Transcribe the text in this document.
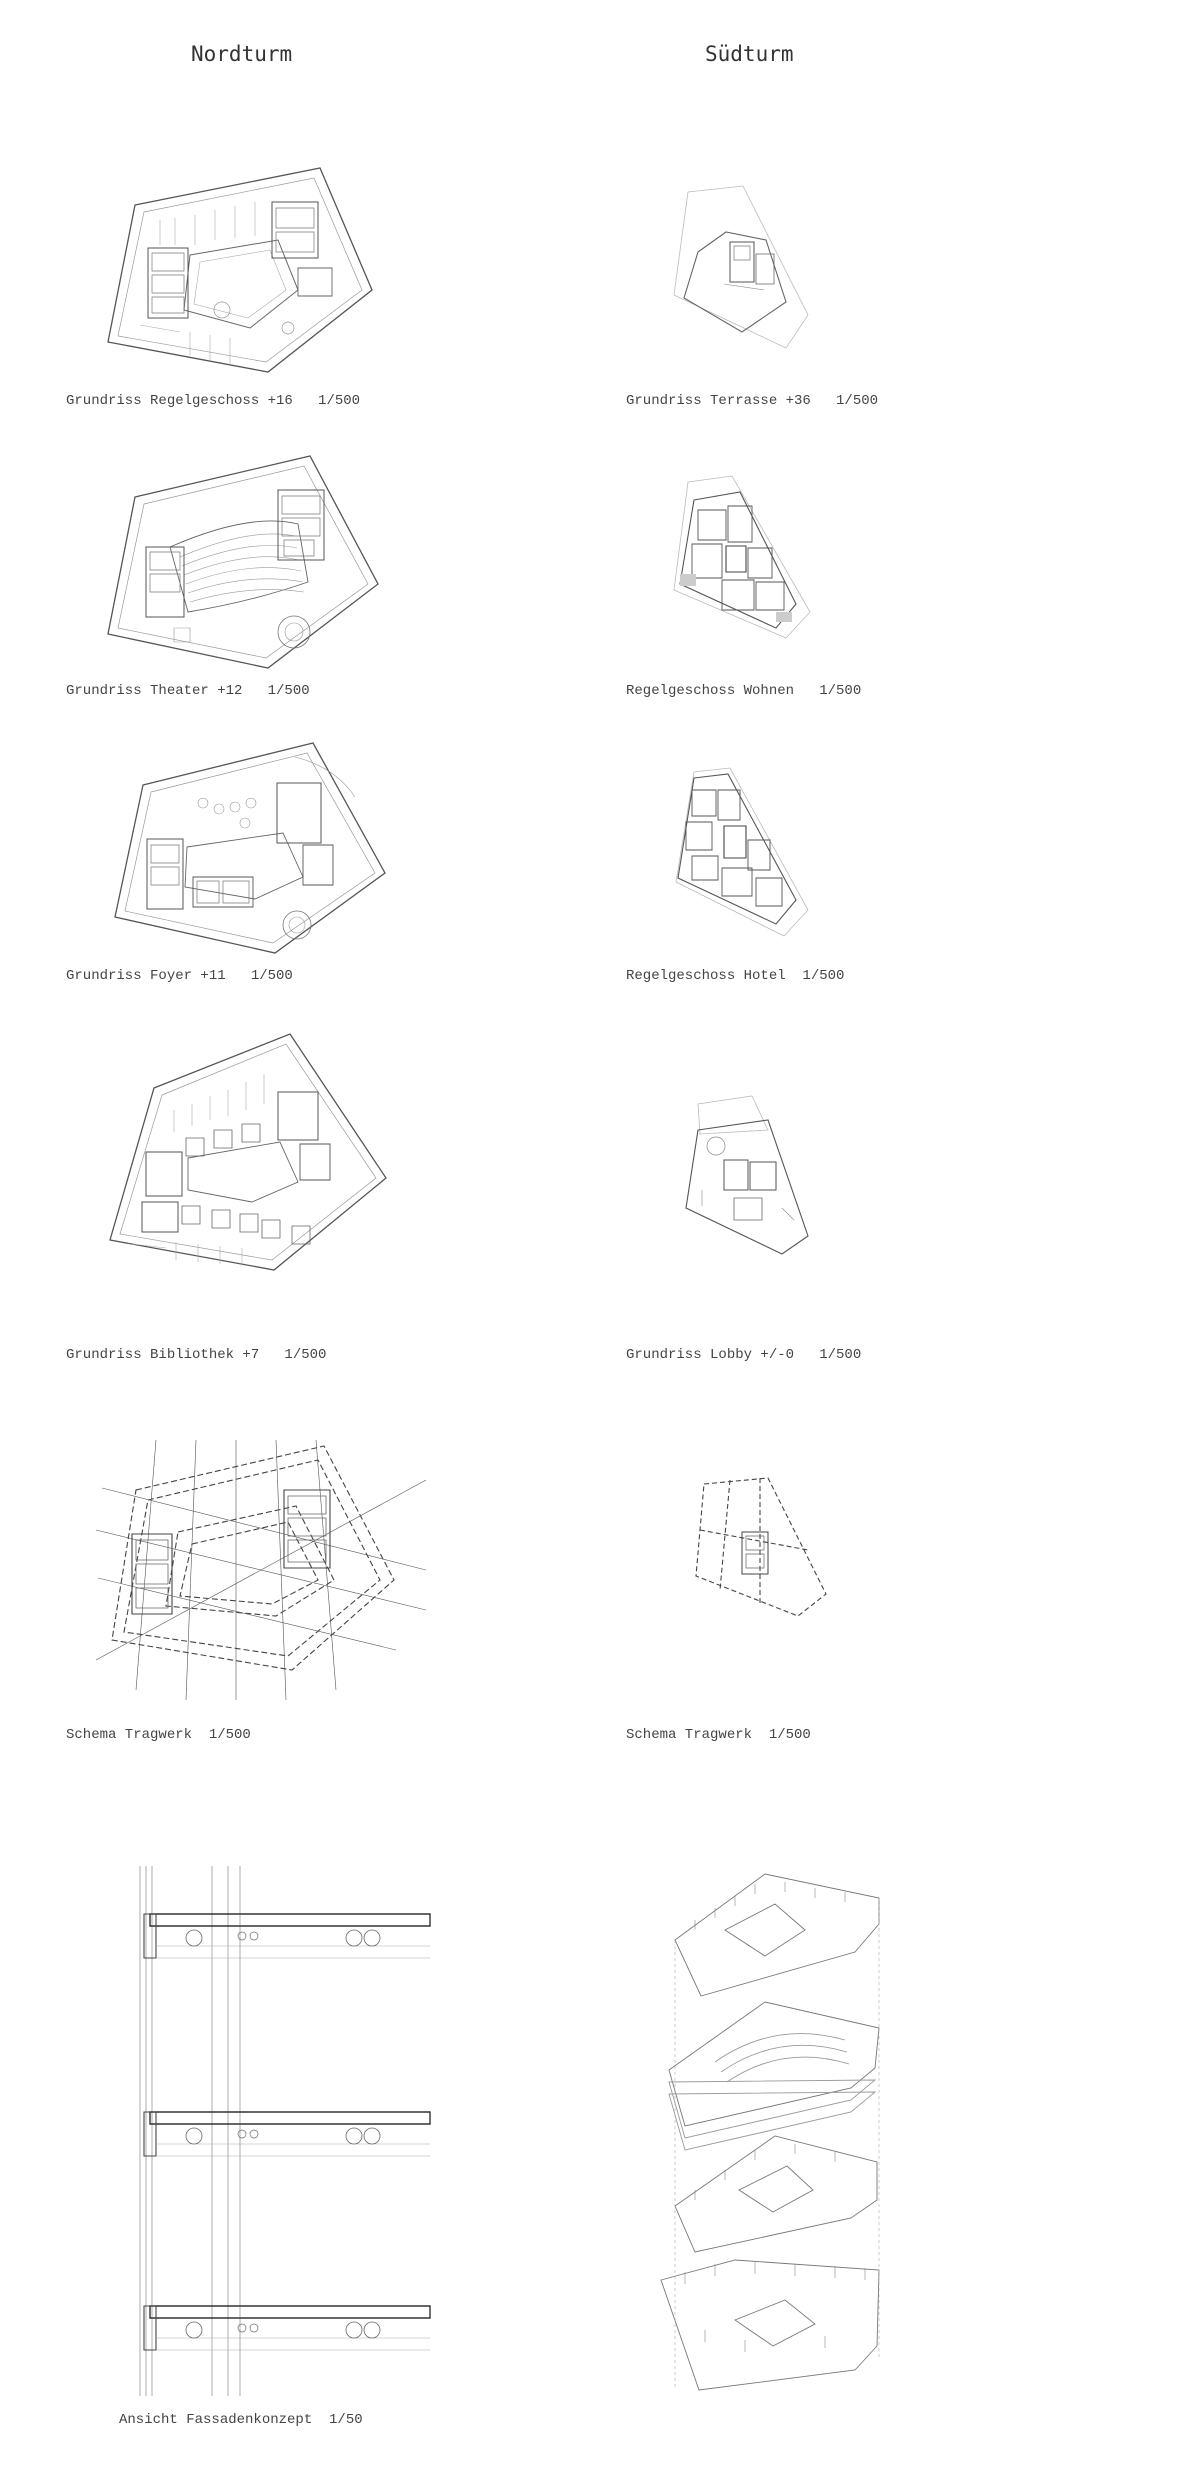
Nordturm	Südturm
Grundriss Regelgeschoss +16   1/500	Grundriss Terrasse +36   1/500
Grundriss Theater +12   1/500	Regelgeschoss Wohnen   1/500
Grundriss Foyer +11   1/500	Regelgeschoss Hotel  1/500
Grundriss Bibliothek +7   1/500	Grundriss Lobby +/-0   1/500
Schema Tragwerk  1/500	Schema Tragwerk  1/500
Ansicht Fassadenkonzept  1/50
